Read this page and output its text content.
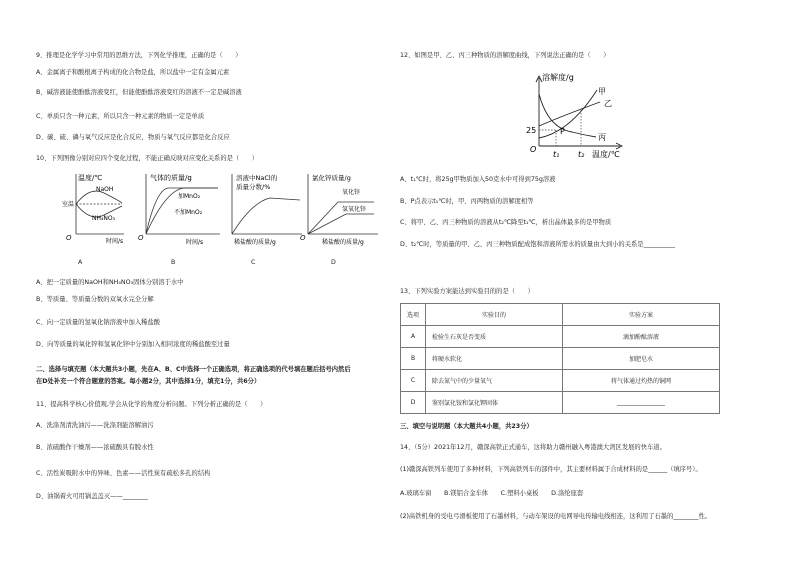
9、推理是化学学习中常用的思维方法，下列化学推理，正确的是（　　）
A、金属离子和酸根离子构成的化合物是盐，所以盐中一定有金属元素
B、碱溶液能使酚酞溶液变红，但能使酚酞溶液变红的溶液不一定是碱溶液
C、单质只含一种元素，所以只含一种元素的物质一定是单质
D、碳、硫、磷与氧气反应是化合反应，物质与氧气反应都是化合反应
10、下列图像分别对应四个变化过程，不能正确反映对应变化关系的是（　　）
温度/℃
室温
NaOH
NH₄NO₃
O	时间/s
气体的质量/g
加MnO₂
不加MnO₂
O
时间/s
溶液中NaCl的
质量分数/%
稀盐酸的质量/g
氯化锌质量/g
氧化锌
氢氧化锌
O
稀盐酸的质量/g
A	B	C	D
A、把一定质量的NaOH和NH₄NO₃固体分别溶于水中
B、等质量、等质量分数的双氧水完全分解
C、向一定质量的氢氧化钠溶液中加入稀盐酸
D、向等质量的氧化锌和氢氧化锌中分别加入相同浓度的稀盐酸至过量
二、选择与填充题（本大题共3小题，先在A、B、C中选择一个正确选项，将正确选项的代号填在题后括号内然后
在D处补充一个符合题意的答案。每小题2分，其中选择1分，填充1分，共6分）
11、提高科学核心价值观,学会从化学的角度分析问题。下列分析正确的是（　　）
A、洗涤剂清洗油污——洗涤剂能溶解油污
B、浓硫酸作干燥剂——浓硫酸具有脱水性
C、活性炭吸附水中的异味、色素——活性炭有疏松多孔的结构
D、油锅着火可用锅盖盖灭——________
12、如图是甲、乙、丙三种物质的溶解度曲线，下列说法正确的是（　　）
溶解度/g
甲
乙
丙
P
25
O
t₁ t₂ 温度/℃
A、t₁℃时，将25g甲物质加入50克水中可得到75g溶液
B、P点表示t₁℃时，甲、丙两物质的溶解度相等
C、将甲、乙、丙三种物质的溶液从t₂℃降至t₁℃，析出晶体最多的是甲物质
D、t₂℃时，等质量的甲、乙、丙三种物质配成饱和溶液所需水的质量由大到小的关系是__________
13、下列实验方案能达到实验目的的是（　　）
选项	实验目的	实验方案
A	检验生石灰是否变质	滴加酚酞溶液
B	将硬水软化	加肥皂水
C	除去氮气中的少量氧气	将气体通过灼热的铜网
D	鉴别氯化铵和氯化钾固体	________________
三、填空与说明题（本大题共4小题，共23分）
14、（5分）2021年12月，赣深高铁正式通车，这将助力赣州融入粤港澳大湾区发展的快车道。
(1)赣深高铁列车使用了多种材料，下列高铁列车的部件中，其主要材料属于合成材料的是______（填序号）。
A.玻璃车窗　　B.镁铝合金车体　　C.塑料小桌板　　D.涤纶座套
(2)高铁机身的受电弓滑板使用了石墨材料，与动车架设的电网导电传输电线相连，这利用了石墨的________性。
